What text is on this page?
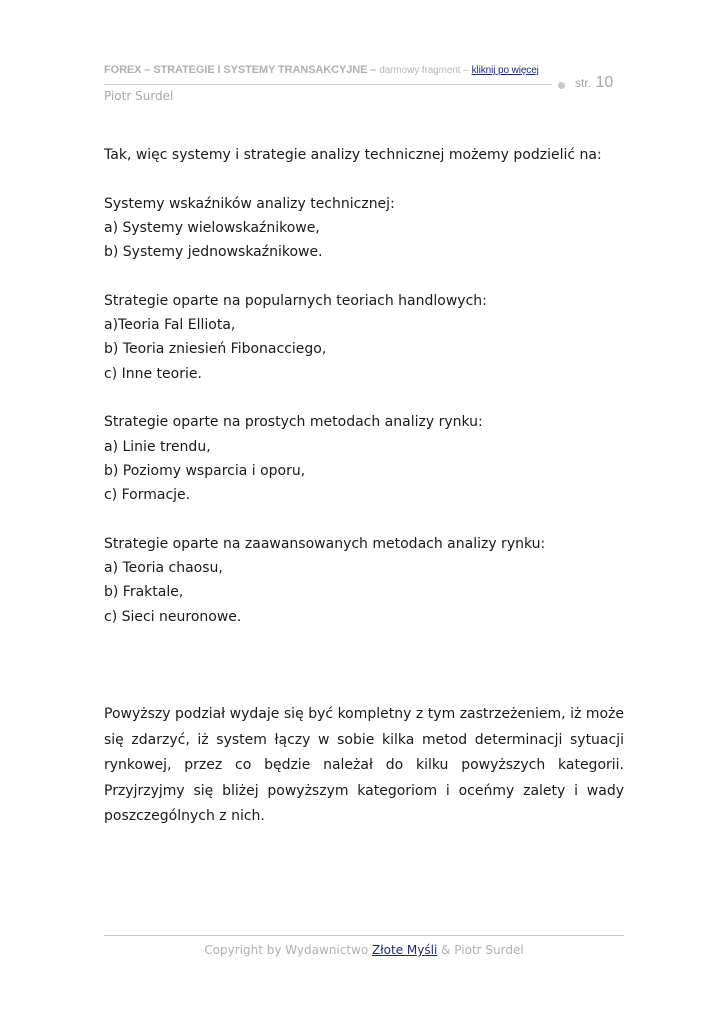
FOREX – STRATEGIE I SYSTEMY TRANSAKCYJNE – darmowy fragment – kliknij po więcej
str. 10
Piotr Surdel

Tak, więc systemy i strategie analizy technicznej możemy podzielić na:

Systemy wskaźników analizy technicznej:

a) Systemy wielowskaźnikowe,

b) Systemy jednowskaźnikowe.

Strategie oparte na popularnych teoriach handlowych:

a)Teoria Fal Elliota,

b) Teoria zniesień Fibonacciego,

c) Inne teorie.

Strategie oparte na prostych metodach analizy rynku:

a) Linie trendu,

b) Poziomy wsparcia i oporu,

c) Formacje.

Strategie oparte na zaawansowanych metodach analizy rynku:

a) Teoria chaosu,

b) Fraktale,

c) Sieci neuronowe.

Powyższy podział wydaje się być kompletny z tym zastrzeżeniem, iż może się zdarzyć, iż system łączy w sobie kilka metod determinacji sytuacji rynkowej, przez co będzie należał do kilku powyższych kategorii. Przyjrzyjmy się bliżej powyższym kategoriom i oceńmy zalety i wady poszczególnych z nich.

Copyright by Wydawnictwo Złote Myśli & Piotr Surdel
